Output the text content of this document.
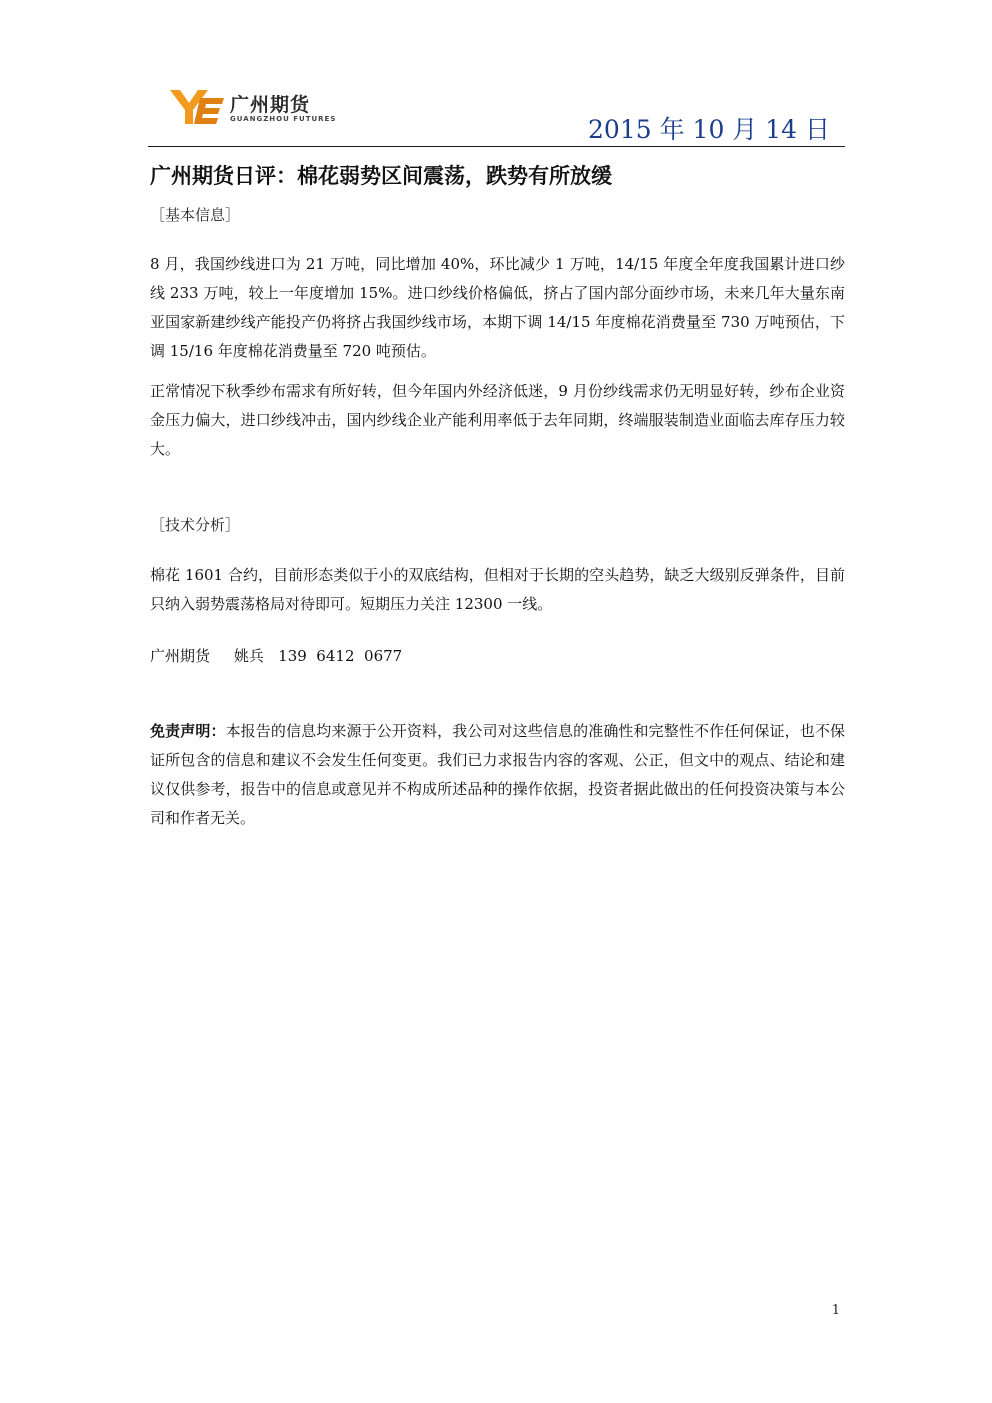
广州期货
GUANGZHOU FUTURES	2015 年 10 月 14 日
广州期货日评：棉花弱势区间震荡，跌势有所放缓
［基本信息］
8 月，我国纱线进口为 21 万吨，同比增加 40%，环比减少 1 万吨，14/15 年度全年度我国累计进口纱线 233 万吨，较上一年度增加 15%。进口纱线价格偏低，挤占了国内部分面纱市场，未来几年大量东南亚国家新建纱线产能投产仍将挤占我国纱线市场，本期下调 14/15 年度棉花消费量至 730 万吨预估，下调 15/16 年度棉花消费量至 720 吨预估。
正常情况下秋季纱布需求有所好转，但今年国内外经济低迷，9 月份纱线需求仍无明显好转，纱布企业资金压力偏大，进口纱线冲击，国内纱线企业产能利用率低于去年同期，终端服装制造业面临去库存压力较大。
［技术分析］
棉花 1601 合约，目前形态类似于小的双底结构，但相对于长期的空头趋势，缺乏大级别反弹条件，目前只纳入弱势震荡格局对待即可。短期压力关注 12300 一线。
广州期货     姚兵   139  6412  0677
免责声明：本报告的信息均来源于公开资料，我公司对这些信息的准确性和完整性不作任何保证，也不保证所包含的信息和建议不会发生任何变更。我们已力求报告内容的客观、公正，但文中的观点、结论和建议仅供参考，报告中的信息或意见并不构成所述品种的操作依据，投资者据此做出的任何投资决策与本公司和作者无关。
1
